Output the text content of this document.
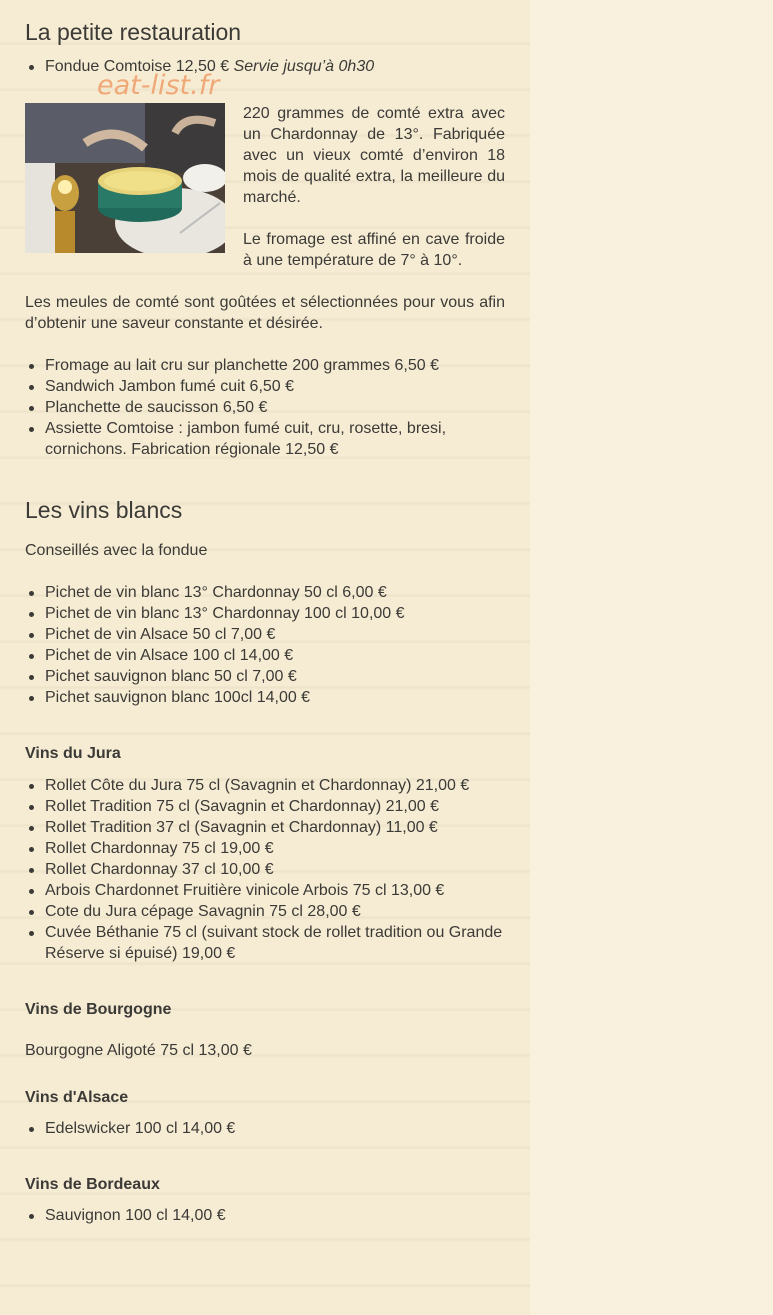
eat-list.fr
La petite restauration
Fondue Comtoise 12,50 € Servie jusqu’à 0h30

220 grammes de comté extra avec un Chardonnay de 13°. Fabriquée avec un vieux comté d’environ 18 mois de qualité extra, la meilleure du marché.

Le fromage est affiné en cave froide à une température de 7° à 10°.

Les meules de comté sont goûtées et sélectionnées pour vous afin d’obtenir une saveur constante et désirée.

Fromage au lait cru sur planchette 200 grammes 6,50 €
Sandwich Jambon fumé cuit 6,50 €
Planchette de saucisson 6,50 €
Assiette Comtoise : jambon fumé cuit, cru, rosette, bresi, cornichons. Fabrication régionale 12,50 €
Les vins blancs

Conseillés avec la fondue

Pichet de vin blanc 13° Chardonnay 50 cl 6,00 €
Pichet de vin blanc 13° Chardonnay 100 cl 10,00 €
Pichet de vin Alsace 50 cl 7,00 €
Pichet de vin Alsace 100 cl 14,00 €
Pichet sauvignon blanc 50 cl 7,00 €
Pichet sauvignon blanc 100cl 14,00 €
Vins du Jura
Rollet Côte du Jura 75 cl (Savagnin et Chardonnay) 21,00 €
Rollet Tradition 75 cl (Savagnin et Chardonnay) 21,00 €
Rollet Tradition 37 cl (Savagnin et Chardonnay) 11,00 €
Rollet Chardonnay 75 cl 19,00 €
Rollet Chardonnay 37 cl 10,00 €
Arbois Chardonnet Fruitière vinicole Arbois 75 cl 13,00 €
Cote du Jura cépage Savagnin 75 cl 28,00 €
Cuvée Béthanie 75 cl (suivant stock de rollet tradition ou Grande Réserve si épuisé) 19,00 €
Vins de Bourgogne

Bourgogne Aligoté 75 cl 13,00 €

Vins d'Alsace
Edelswicker 100 cl 14,00 €
Vins de Bordeaux
Sauvignon 100 cl 14,00 €
